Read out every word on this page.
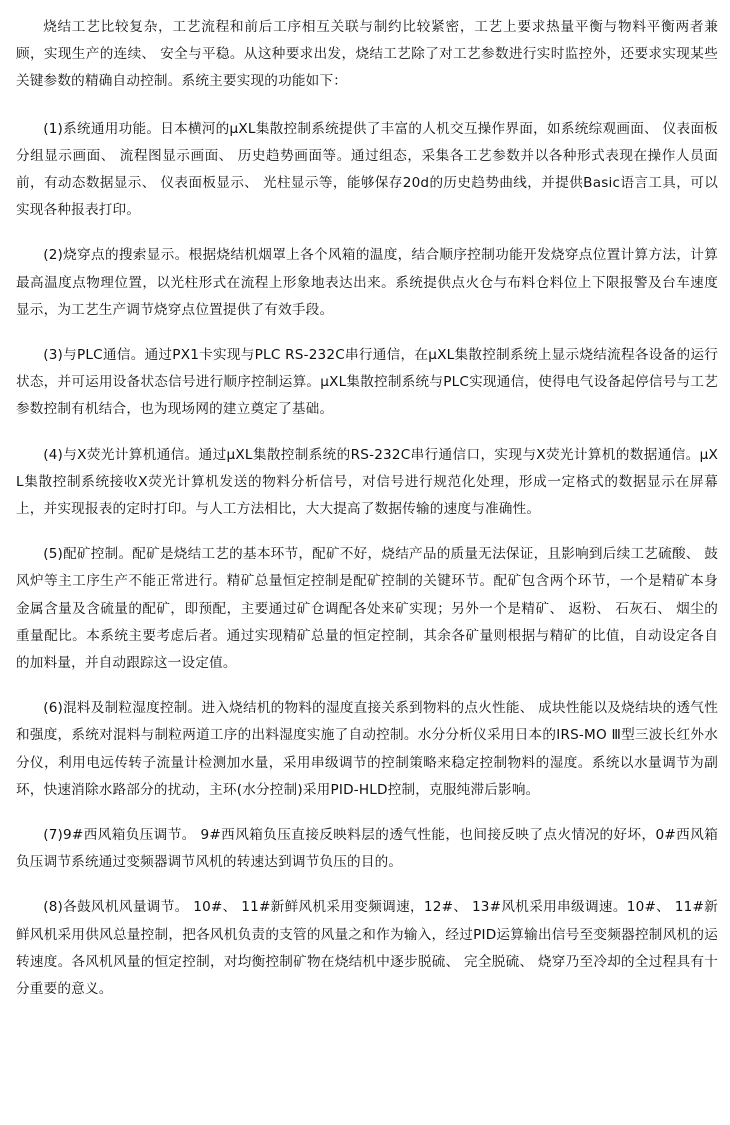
烧结工艺比较复杂，工艺流程和前后工序相互关联与制约比较紧密，工艺上要求热量平衡与物料平衡两者兼顾，实现生产的连续、 安全与平稳。从这种要求出发，烧结工艺除了对工艺参数进行实时监控外，还要求实现某些关键参数的精确自动控制。系统主要实现的功能如下：

(1)系统通用功能。日本横河的μXL集散控制系统提供了丰富的人机交互操作界面，如系统综观画面、 仪表面板分组显示画面、 流程图显示画面、 历史趋势画面等。通过组态，采集各工艺参数并以各种形式表现在操作人员面前，有动态数据显示、 仪表面板显示、 光柱显示等，能够保存20d的历史趋势曲线，并提供Basic语言工具，可以实现各种报表打印。

(2)烧穿点的搜索显示。根据烧结机烟罩上各个风箱的温度，结合顺序控制功能开发烧穿点位置计算方法，计算最高温度点物理位置，以光柱形式在流程上形象地表达出来。系统提供点火仓与布料仓料位上下限报警及台车速度显示，为工艺生产调节烧穿点位置提供了有效手段。

(3)与PLC通信。通过PX1卡实现与PLC RS-232C串行通信，在μXL集散控制系统上显示烧结流程各设备的运行状态，并可运用设备状态信号进行顺序控制运算。μXL集散控制系统与PLC实现通信，使得电气设备起停信号与工艺参数控制有机结合，也为现场网的建立奠定了基础。

(4)与X荧光计算机通信。通过μXL集散控制系统的RS-232C串行通信口，实现与X荧光计算机的数据通信。μXL集散控制系统接收X荧光计算机发送的物料分析信号，对信号进行规范化处理，形成一定格式的数据显示在屏幕上，并实现报表的定时打印。与人工方法相比，大大提高了数据传输的速度与准确性。

(5)配矿控制。配矿是烧结工艺的基本环节，配矿不好，烧结产品的质量无法保证，且影响到后续工艺硫酸、 鼓风炉等主工序生产不能正常进行。精矿总量恒定控制是配矿控制的关键环节。配矿包含两个环节，一个是精矿本身金属含量及含硫量的配矿，即预配，主要通过矿仓调配各处来矿实现；另外一个是精矿、 返粉、 石灰石、 烟尘的重量配比。本系统主要考虑后者。通过实现精矿总量的恒定控制，其余各矿量则根据与精矿的比值，自动设定各自的加料量，并自动跟踪这一设定值。

(6)混料及制粒湿度控制。进入烧结机的物料的湿度直接关系到物料的点火性能、 成块性能以及烧结块的透气性和强度，系统对混料与制粒两道工序的出料湿度实施了自动控制。水分分析仪采用日本的IRS-MO Ⅲ型三波长红外水分仪，利用电远传转子流量计检测加水量，采用串级调节的控制策略来稳定控制物料的湿度。系统以水量调节为副环，快速消除水路部分的扰动，主环(水分控制)采用PID-HLD控制，克服纯滞后影响。

(7)9#西风箱负压调节。 9#西风箱负压直接反映料层的透气性能，也间接反映了点火情况的好坏，0#西风箱负压调节系统通过变频器调节风机的转速达到调节负压的目的。

(8)各鼓风机风量调节。 10#、 11#新鲜风机采用变频调速，12#、 13#风机采用串级调速。10#、 11#新鲜风机采用供风总量控制，把各风机负责的支管的风量之和作为输入，经过PID运算输出信号至变频器控制风机的运转速度。各风机风量的恒定控制，对均衡控制矿物在烧结机中逐步脱硫、 完全脱硫、 烧穿乃至冷却的全过程具有十分重要的意义。
